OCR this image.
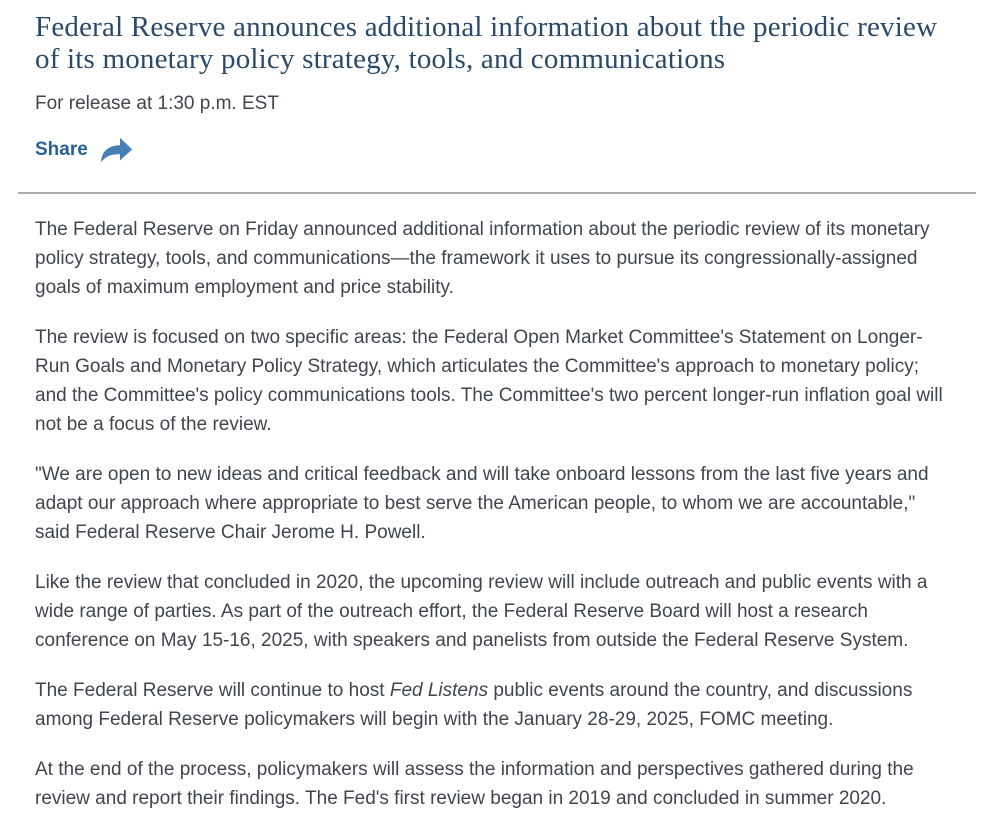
Federal Reserve announces additional information about the periodic review of its monetary policy strategy, tools, and communications

For release at 1:30 p.m. EST

Share

The Federal Reserve on Friday announced additional information about the periodic review of its monetary policy strategy, tools, and communications—the framework it uses to pursue its congressionally-assigned goals of maximum employment and price stability.

The review is focused on two specific areas: the Federal Open Market Committee's Statement on Longer-Run Goals and Monetary Policy Strategy, which articulates the Committee's approach to monetary policy; and the Committee's policy communications tools. The Committee's two percent longer-run inflation goal will not be a focus of the review.

"We are open to new ideas and critical feedback and will take onboard lessons from the last five years and adapt our approach where appropriate to best serve the American people, to whom we are accountable," said Federal Reserve Chair Jerome H. Powell.

Like the review that concluded in 2020, the upcoming review will include outreach and public events with a wide range of parties. As part of the outreach effort, the Federal Reserve Board will host a research conference on May 15-16, 2025, with speakers and panelists from outside the Federal Reserve System.

The Federal Reserve will continue to host Fed Listens public events around the country, and discussions among Federal Reserve policymakers will begin with the January 28-29, 2025, FOMC meeting.

At the end of the process, policymakers will assess the information and perspectives gathered during the review and report their findings. The Fed's first review began in 2019 and concluded in summer 2020.
